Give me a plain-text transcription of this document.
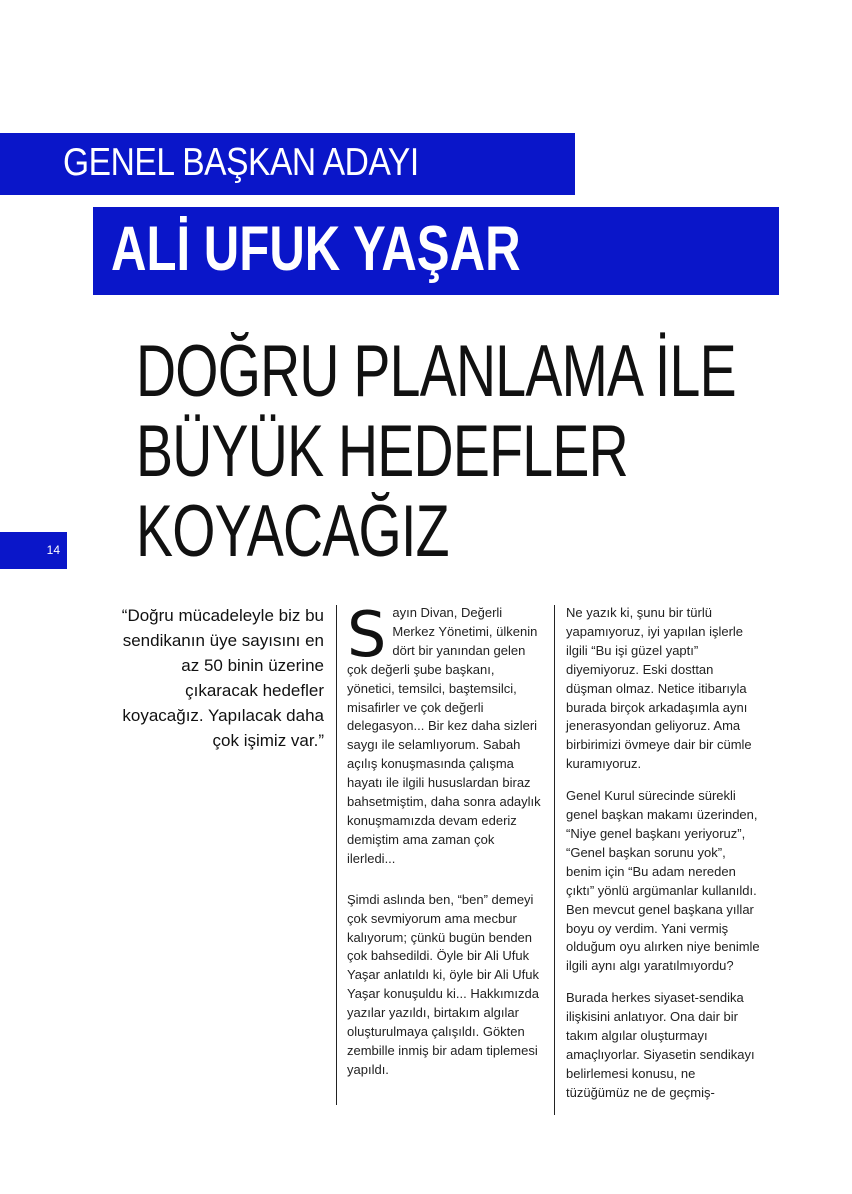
GENEL BAŞKAN ADAYI
ALİ UFUK YAŞAR
DOĞRU PLANLAMA İLE
BÜYÜK HEDEFLER
KOYACAĞIZ
14
“Doğru mücadeleyle biz bu sendikanın üye sayısını en az 50 binin üzerine çıkaracak hedefler koyacağız. Yapılacak daha çok işimiz var.”

Sayın Divan, Değerli Merkez Yönetimi, ülkenin dört bir yanından gelen çok değerli şube başkanı, yönetici, temsilci, baştemsilci, misafirler ve çok değerli delegasyon... Bir kez daha sizleri saygı ile selamlıyorum. Sabah açılış konuşmasında çalışma hayatı ile ilgili hususlardan biraz bahsetmiştim, daha sonra adaylık konuşmamızda devam ederiz demiştim ama zaman çok ilerledi...

Şimdi aslında ben, “ben” demeyi çok sevmiyorum ama mecbur kalıyorum; çünkü bugün benden çok bahsedildi. Öyle bir Ali Ufuk Yaşar anlatıldı ki, öyle bir Ali Ufuk Yaşar konuşuldu ki... Hakkımızda yazılar yazıldı, birtakım algılar oluşturulmaya çalışıldı. Gökten zembille inmiş bir adam tiplemesi yapıldı.

Ne yazık ki, şunu bir türlü yapamıyoruz, iyi yapılan işlerle ilgili “Bu işi güzel yaptı” diyemiyoruz. Eski dosttan düşman olmaz. Netice itibarıyla burada birçok arkadaşımla aynı jenerasyondan geliyoruz. Ama birbirimizi övmeye dair bir cümle kuramıyoruz.

Genel Kurul sürecinde sürekli genel başkan makamı üzerinden, “Niye genel başkanı yeriyoruz”, “Genel başkan sorunu yok”, benim için “Bu adam nereden çıktı” yönlü argümanlar kullanıldı. Ben mevcut genel başkana yıllar boyu oy verdim. Yani vermiş olduğum oyu alırken niye benimle ilgili aynı algı yaratılmıyordu?

Burada herkes siyaset-sendika ilişkisini anlatıyor. Ona dair bir takım algılar oluşturmayı amaçlıyorlar. Siyasetin sendikayı belirlemesi konusu, ne tüzüğümüz ne de geçmiş-
